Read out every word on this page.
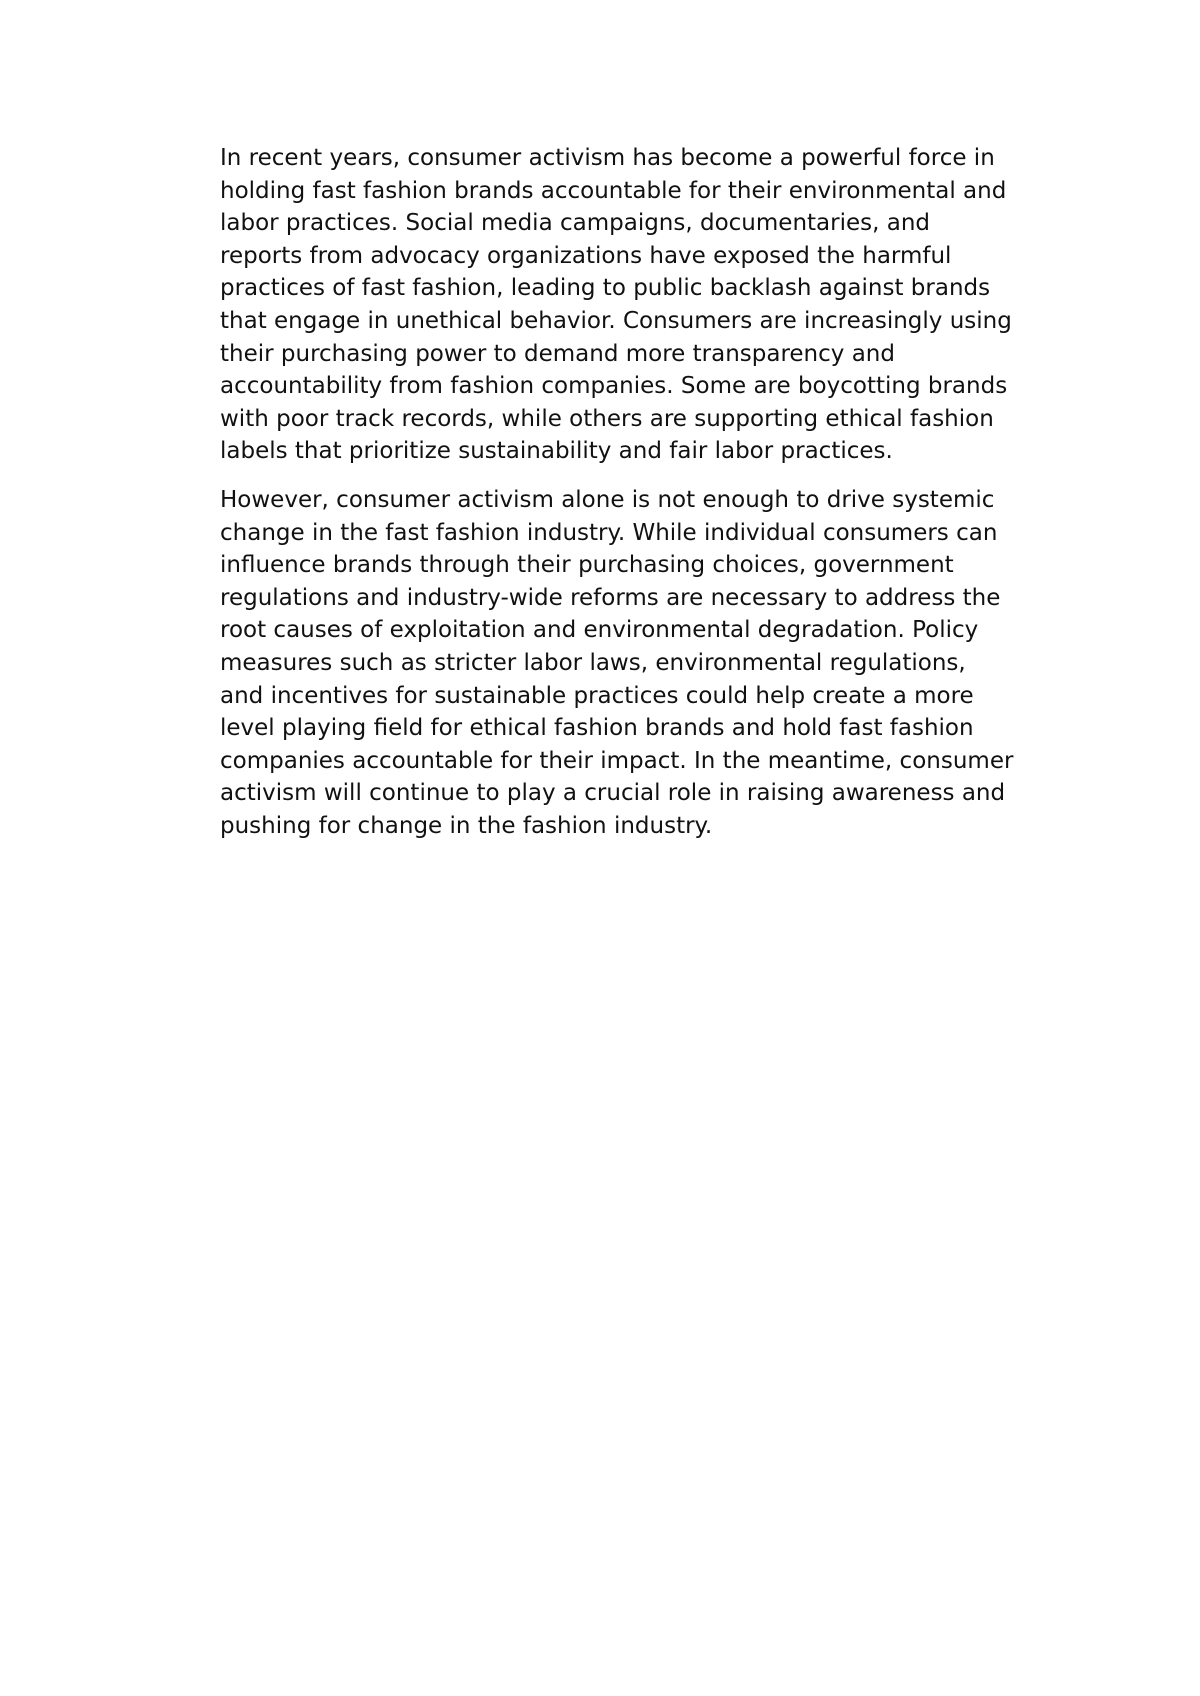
In recent years, consumer activism has become a powerful force in
holding fast fashion brands accountable for their environmental and
labor practices. Social media campaigns, documentaries, and
reports from advocacy organizations have exposed the harmful
practices of fast fashion, leading to public backlash against brands
that engage in unethical behavior. Consumers are increasingly using
their purchasing power to demand more transparency and
accountability from fashion companies. Some are boycotting brands
with poor track records, while others are supporting ethical fashion
labels that prioritize sustainability and fair labor practices.

However, consumer activism alone is not enough to drive systemic
change in the fast fashion industry. While individual consumers can
influence brands through their purchasing choices, government
regulations and industry-wide reforms are necessary to address the
root causes of exploitation and environmental degradation. Policy
measures such as stricter labor laws, environmental regulations,
and incentives for sustainable practices could help create a more
level playing field for ethical fashion brands and hold fast fashion
companies accountable for their impact. In the meantime, consumer
activism will continue to play a crucial role in raising awareness and
pushing for change in the fashion industry.
